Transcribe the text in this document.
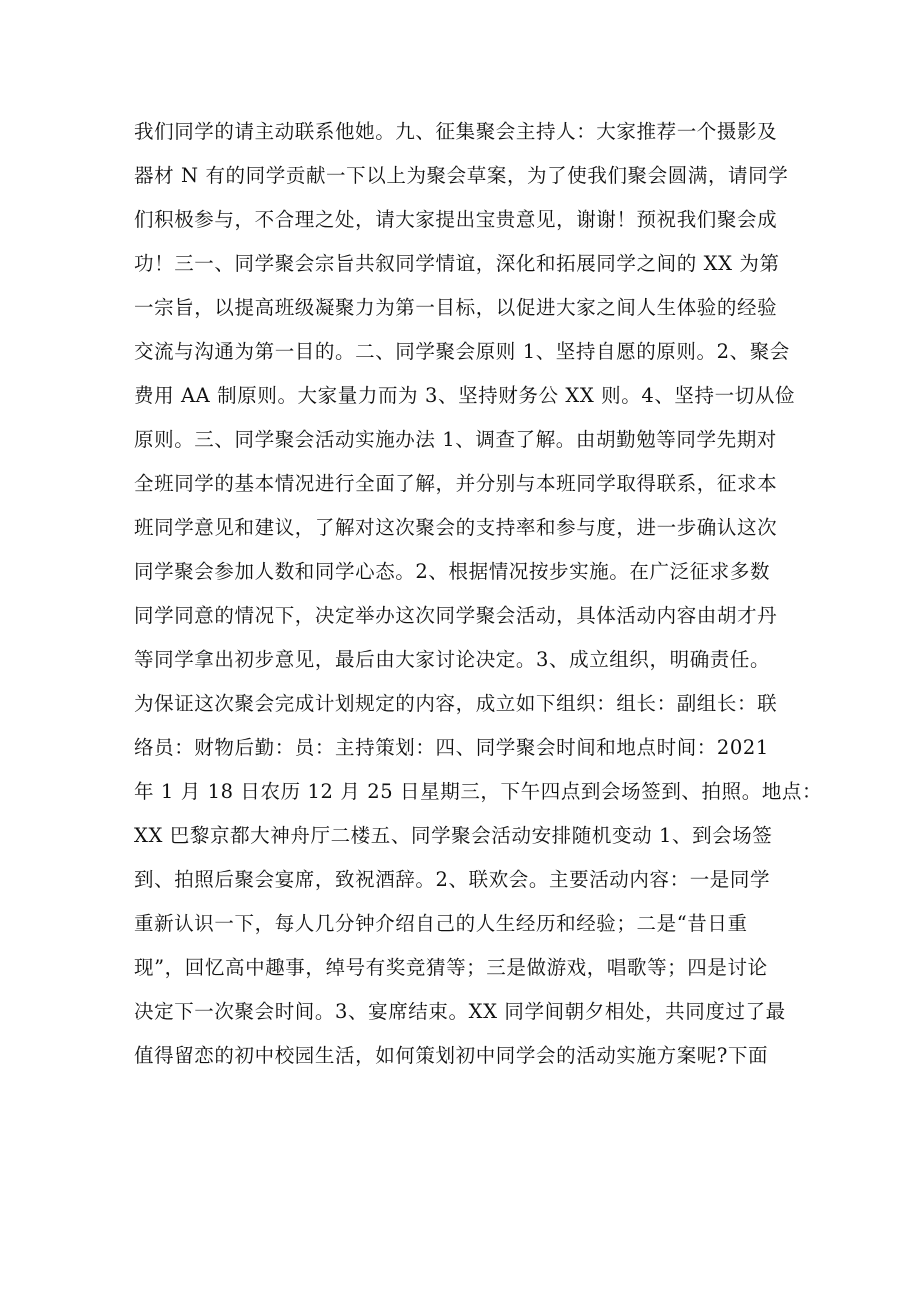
我们同学的请主动联系他她。九、征集聚会主持人：大家推荐一个摄影及
器材 N 有的同学贡献一下以上为聚会草案，为了使我们聚会圆满，请同学
们积极参与，不合理之处，请大家提出宝贵意见，谢谢！预祝我们聚会成
功！三一、同学聚会宗旨共叙同学情谊，深化和拓展同学之间的 XX 为第
一宗旨，以提高班级凝聚力为第一目标，以促进大家之间人生体验的经验
交流与沟通为第一目的。二、同学聚会原则 1、坚持自愿的原则。2、聚会
费用 AA 制原则。大家量力而为 3、坚持财务公 XX 则。4、坚持一切从俭
原则。三、同学聚会活动实施办法 1、调查了解。由胡勤勉等同学先期对
全班同学的基本情况进行全面了解，并分别与本班同学取得联系，征求本
班同学意见和建议，了解对这次聚会的支持率和参与度，进一步确认这次
同学聚会参加人数和同学心态。2、根据情况按步实施。在广泛征求多数
同学同意的情况下，决定举办这次同学聚会活动，具体活动内容由胡才丹
等同学拿出初步意见，最后由大家讨论决定。3、成立组织，明确责任。
为保证这次聚会完成计划规定的内容，成立如下组织：组长：副组长：联
络员：财物后勤：员：主持策划：四、同学聚会时间和地点时间：2021
年 1 月 18 日农历 12 月 25 日星期三，下午四点到会场签到、拍照。地点：
XX 巴黎京都大神舟厅二楼五、同学聚会活动安排随机变动 1、到会场签
到、拍照后聚会宴席，致祝酒辞。2、联欢会。主要活动内容：一是同学
重新认识一下，每人几分钟介绍自己的人生经历和经验；二是“昔日重
现”，回忆高中趣事，绰号有奖竞猜等；三是做游戏，唱歌等；四是讨论
决定下一次聚会时间。3、宴席结束。XX 同学间朝夕相处，共同度过了最
值得留恋的初中校园生活，如何策划初中同学会的活动实施方案呢?下面
